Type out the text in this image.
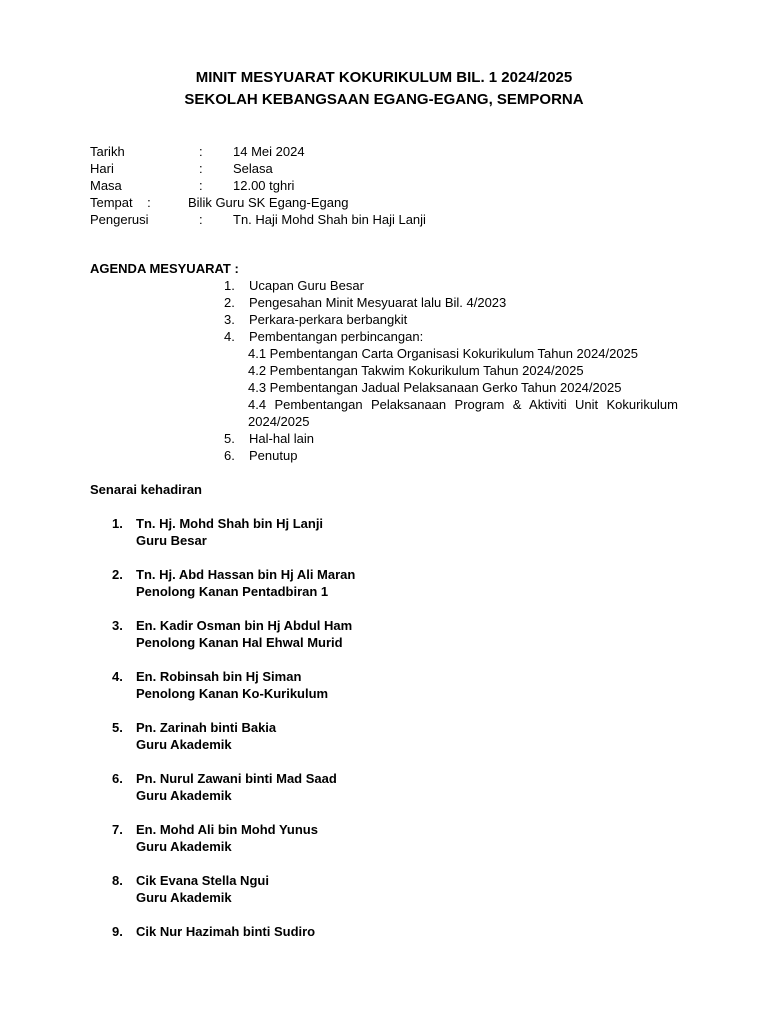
MINIT MESYUARAT KOKURIKULUM BIL. 1 2024/2025
SEKOLAH KEBANGSAAN EGANG-EGANG, SEMPORNA
Tarikh	: 14 Mei 2024
Hari	: Selasa
Masa	: 12.00 tghri
Tempat    :	Bilik Guru SK Egang-Egang
Pengerusi	: Tn. Haji Mohd Shah bin Haji Lanji
AGENDA MESYUARAT :
1. Ucapan Guru Besar
2. Pengesahan Minit Mesyuarat lalu Bil. 4/2023
3. Perkara-perkara berbangkit
4. Pembentangan perbincangan:
4.1 Pembentangan Carta Organisasi Kokurikulum Tahun 2024/2025
4.2 Pembentangan Takwim Kokurikulum Tahun 2024/2025
4.3 Pembentangan Jadual Pelaksanaan Gerko Tahun 2024/2025
4.4 Pembentangan Pelaksanaan Program & Aktiviti Unit Kokurikulum 2024/2025
5. Hal-hal lain
6. Penutup
Senarai kehadiran
1. Tn. Hj. Mohd Shah bin Hj Lanji
Guru Besar
2. Tn. Hj. Abd Hassan bin Hj Ali Maran
Penolong Kanan Pentadbiran 1
3. En. Kadir Osman bin Hj Abdul Ham
Penolong Kanan Hal Ehwal Murid
4. En. Robinsah bin Hj Siman
Penolong Kanan Ko-Kurikulum
5. Pn. Zarinah binti Bakia
Guru Akademik
6. Pn. Nurul Zawani binti Mad Saad
Guru Akademik
7. En. Mohd Ali bin Mohd Yunus
Guru Akademik
8. Cik Evana Stella Ngui
Guru Akademik
9. Cik Nur Hazimah binti Sudiro
